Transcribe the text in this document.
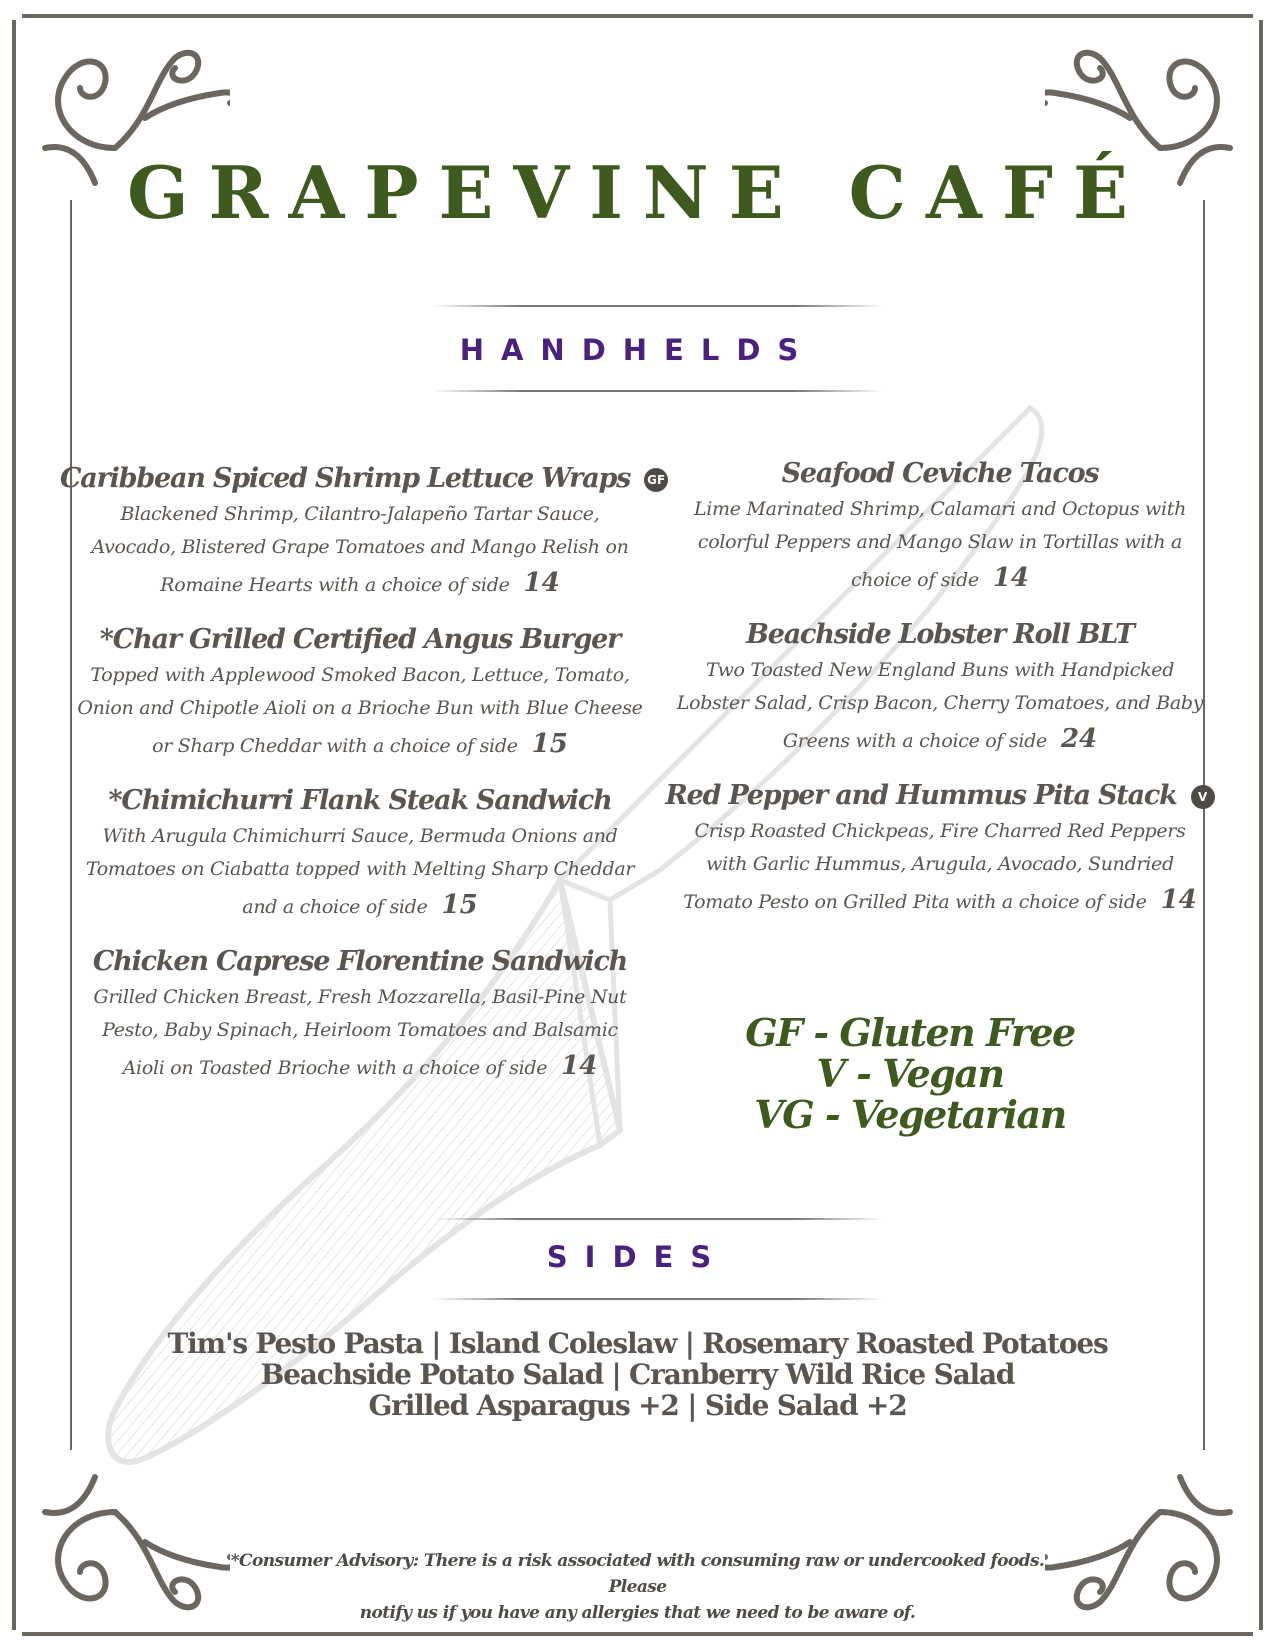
GRAPEVINE CAFÉ
HANDHELDS
Caribbean Spiced Shrimp Lettuce Wraps GF
Blackened Shrimp, Cilantro-Jalapeño Tartar Sauce,
Avocado, Blistered Grape Tomatoes and Mango Relish on
Romaine Hearts with a choice of side 14
*Char Grilled Certified Angus Burger
Topped with Applewood Smoked Bacon, Lettuce, Tomato,
Onion and Chipotle Aioli on a Brioche Bun with Blue Cheese
or Sharp Cheddar with a choice of side 15
*Chimichurri Flank Steak Sandwich
With Arugula Chimichurri Sauce, Bermuda Onions and
Tomatoes on Ciabatta topped with Melting Sharp Cheddar
and a choice of side 15
Chicken Caprese Florentine Sandwich
Grilled Chicken Breast, Fresh Mozzarella, Basil-Pine Nut
Pesto, Baby Spinach, Heirloom Tomatoes and Balsamic
Aioli on Toasted Brioche with a choice of side 14
Seafood Ceviche Tacos
Lime Marinated Shrimp, Calamari and Octopus with
colorful Peppers and Mango Slaw in Tortillas with a
choice of side 14
Beachside Lobster Roll BLT
Two Toasted New England Buns with Handpicked
Lobster Salad, Crisp Bacon, Cherry Tomatoes, and Baby
Greens with a choice of side 24
Red Pepper and Hummus Pita Stack V
Crisp Roasted Chickpeas, Fire Charred Red Peppers
with Garlic Hummus, Arugula, Avocado, Sundried
Tomato Pesto on Grilled Pita with a choice of side 14
GF - Gluten Free
V - Vegan
VG - Vegetarian
SIDES
Tim's Pesto Pasta | Island Coleslaw | Rosemary Roasted Potatoes
Beachside Potato Salad | Cranberry Wild Rice Salad
Grilled Asparagus +2 | Side Salad +2
*Consumer Advisory: There is a risk associated with consuming raw or undercooked foods. Please
notify us if you have any allergies that we need to be aware of.
